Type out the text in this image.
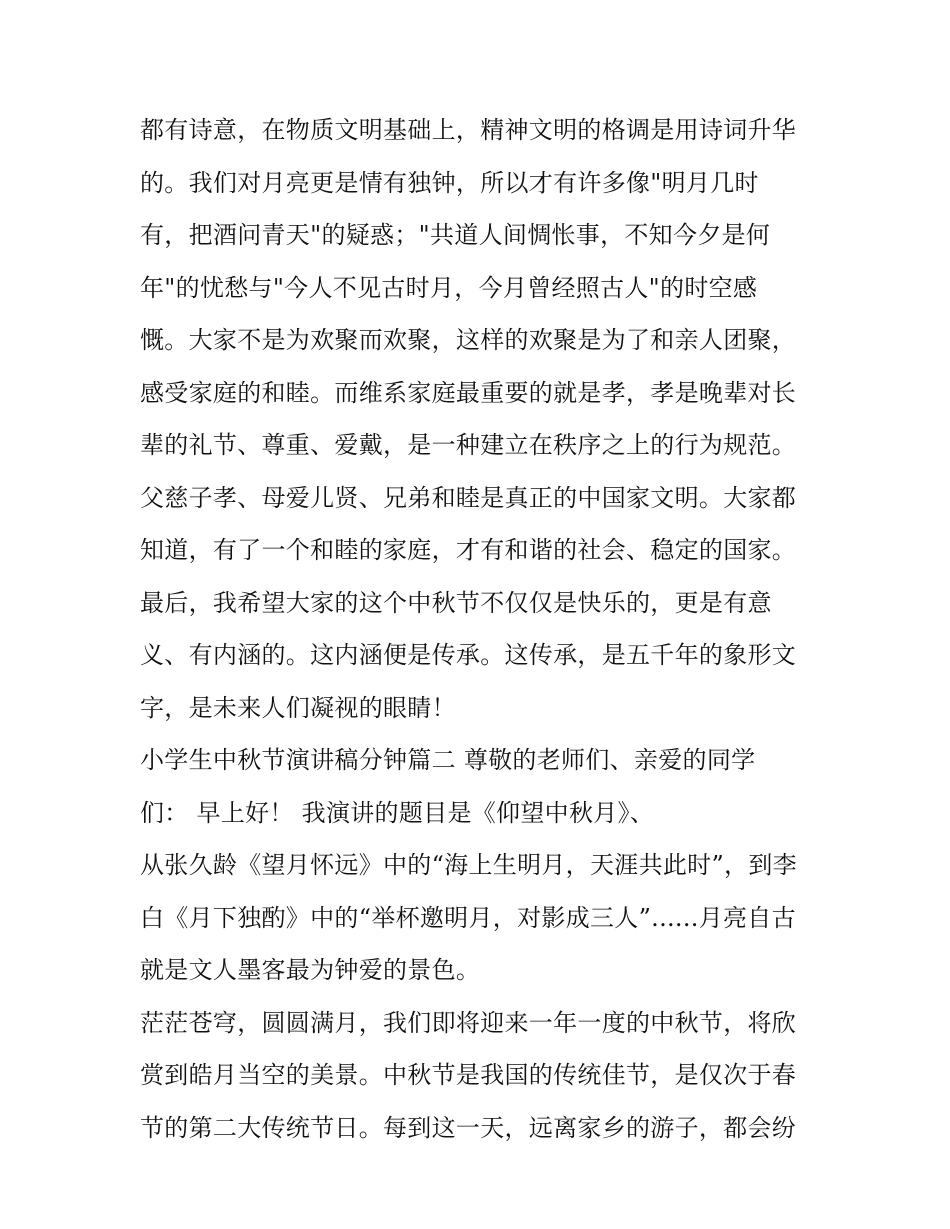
都有诗意，在物质文明基础上，精神文明的格调是用诗词升华
的。我们对月亮更是情有独钟，所以才有许多像"明月几时
有，把酒问青天"的疑惑；"共道人间惆怅事，不知今夕是何
年"的忧愁与"今人不见古时月，今月曾经照古人"的时空感
慨。大家不是为欢聚而欢聚，这样的欢聚是为了和亲人团聚，
感受家庭的和睦。而维系家庭最重要的就是孝，孝是晚辈对长
辈的礼节、尊重、爱戴，是一种建立在秩序之上的行为规范。
父慈子孝、母爱儿贤、兄弟和睦是真正的中国家文明。大家都
知道，有了一个和睦的家庭，才有和谐的社会、稳定的国家。
最后，我希望大家的这个中秋节不仅仅是快乐的，更是有意
义、有内涵的。这内涵便是传承。这传承，是五千年的象形文
字，是未来人们凝视的眼睛！
小学生中秋节演讲稿分钟篇二 尊敬的老师们、亲爱的同学
们： 早上好！ 我演讲的题目是《仰望中秋月》、
从张久龄《望月怀远》中的“海上生明月，天涯共此时”，到李
白《月下独酌》中的“举杯邀明月，对影成三人”......月亮自古
就是文人墨客最为钟爱的景色。
茫茫苍穹，圆圆满月，我们即将迎来一年一度的中秋节，将欣
赏到皓月当空的美景。中秋节是我国的传统佳节，是仅次于春
节的第二大传统节日。每到这一天，远离家乡的游子，都会纷
